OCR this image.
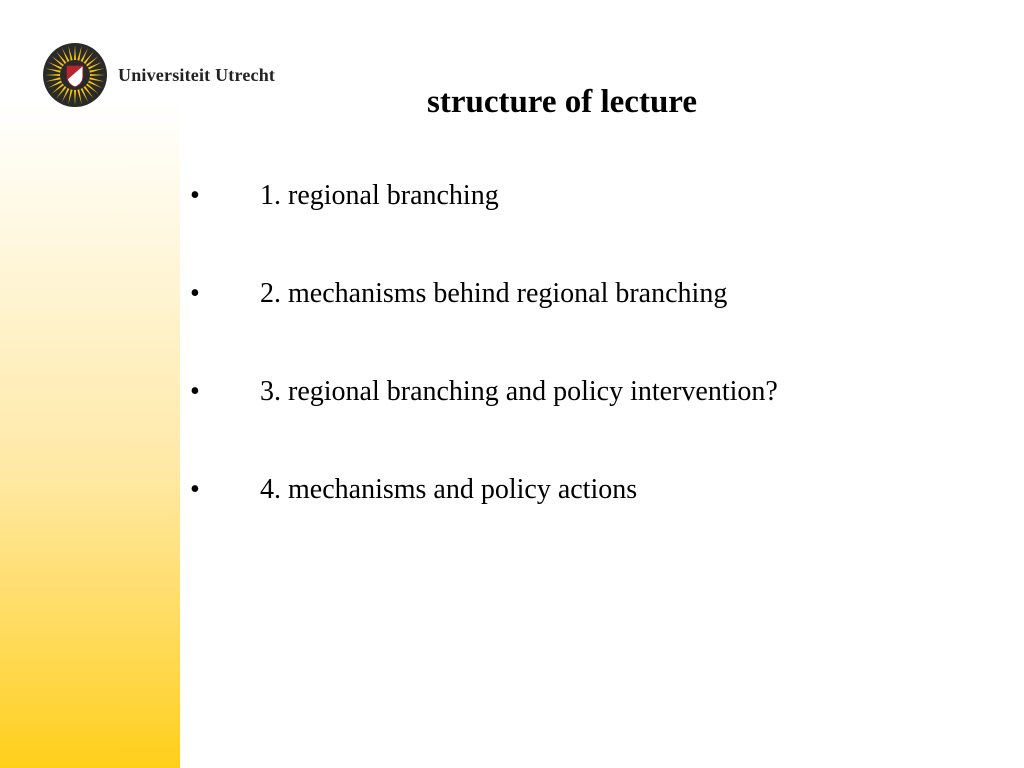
Universiteit Utrecht
structure of lecture
•	1. regional branching
•	2. mechanisms behind regional branching
•	3. regional branching and policy intervention?
•	4. mechanisms and policy actions
